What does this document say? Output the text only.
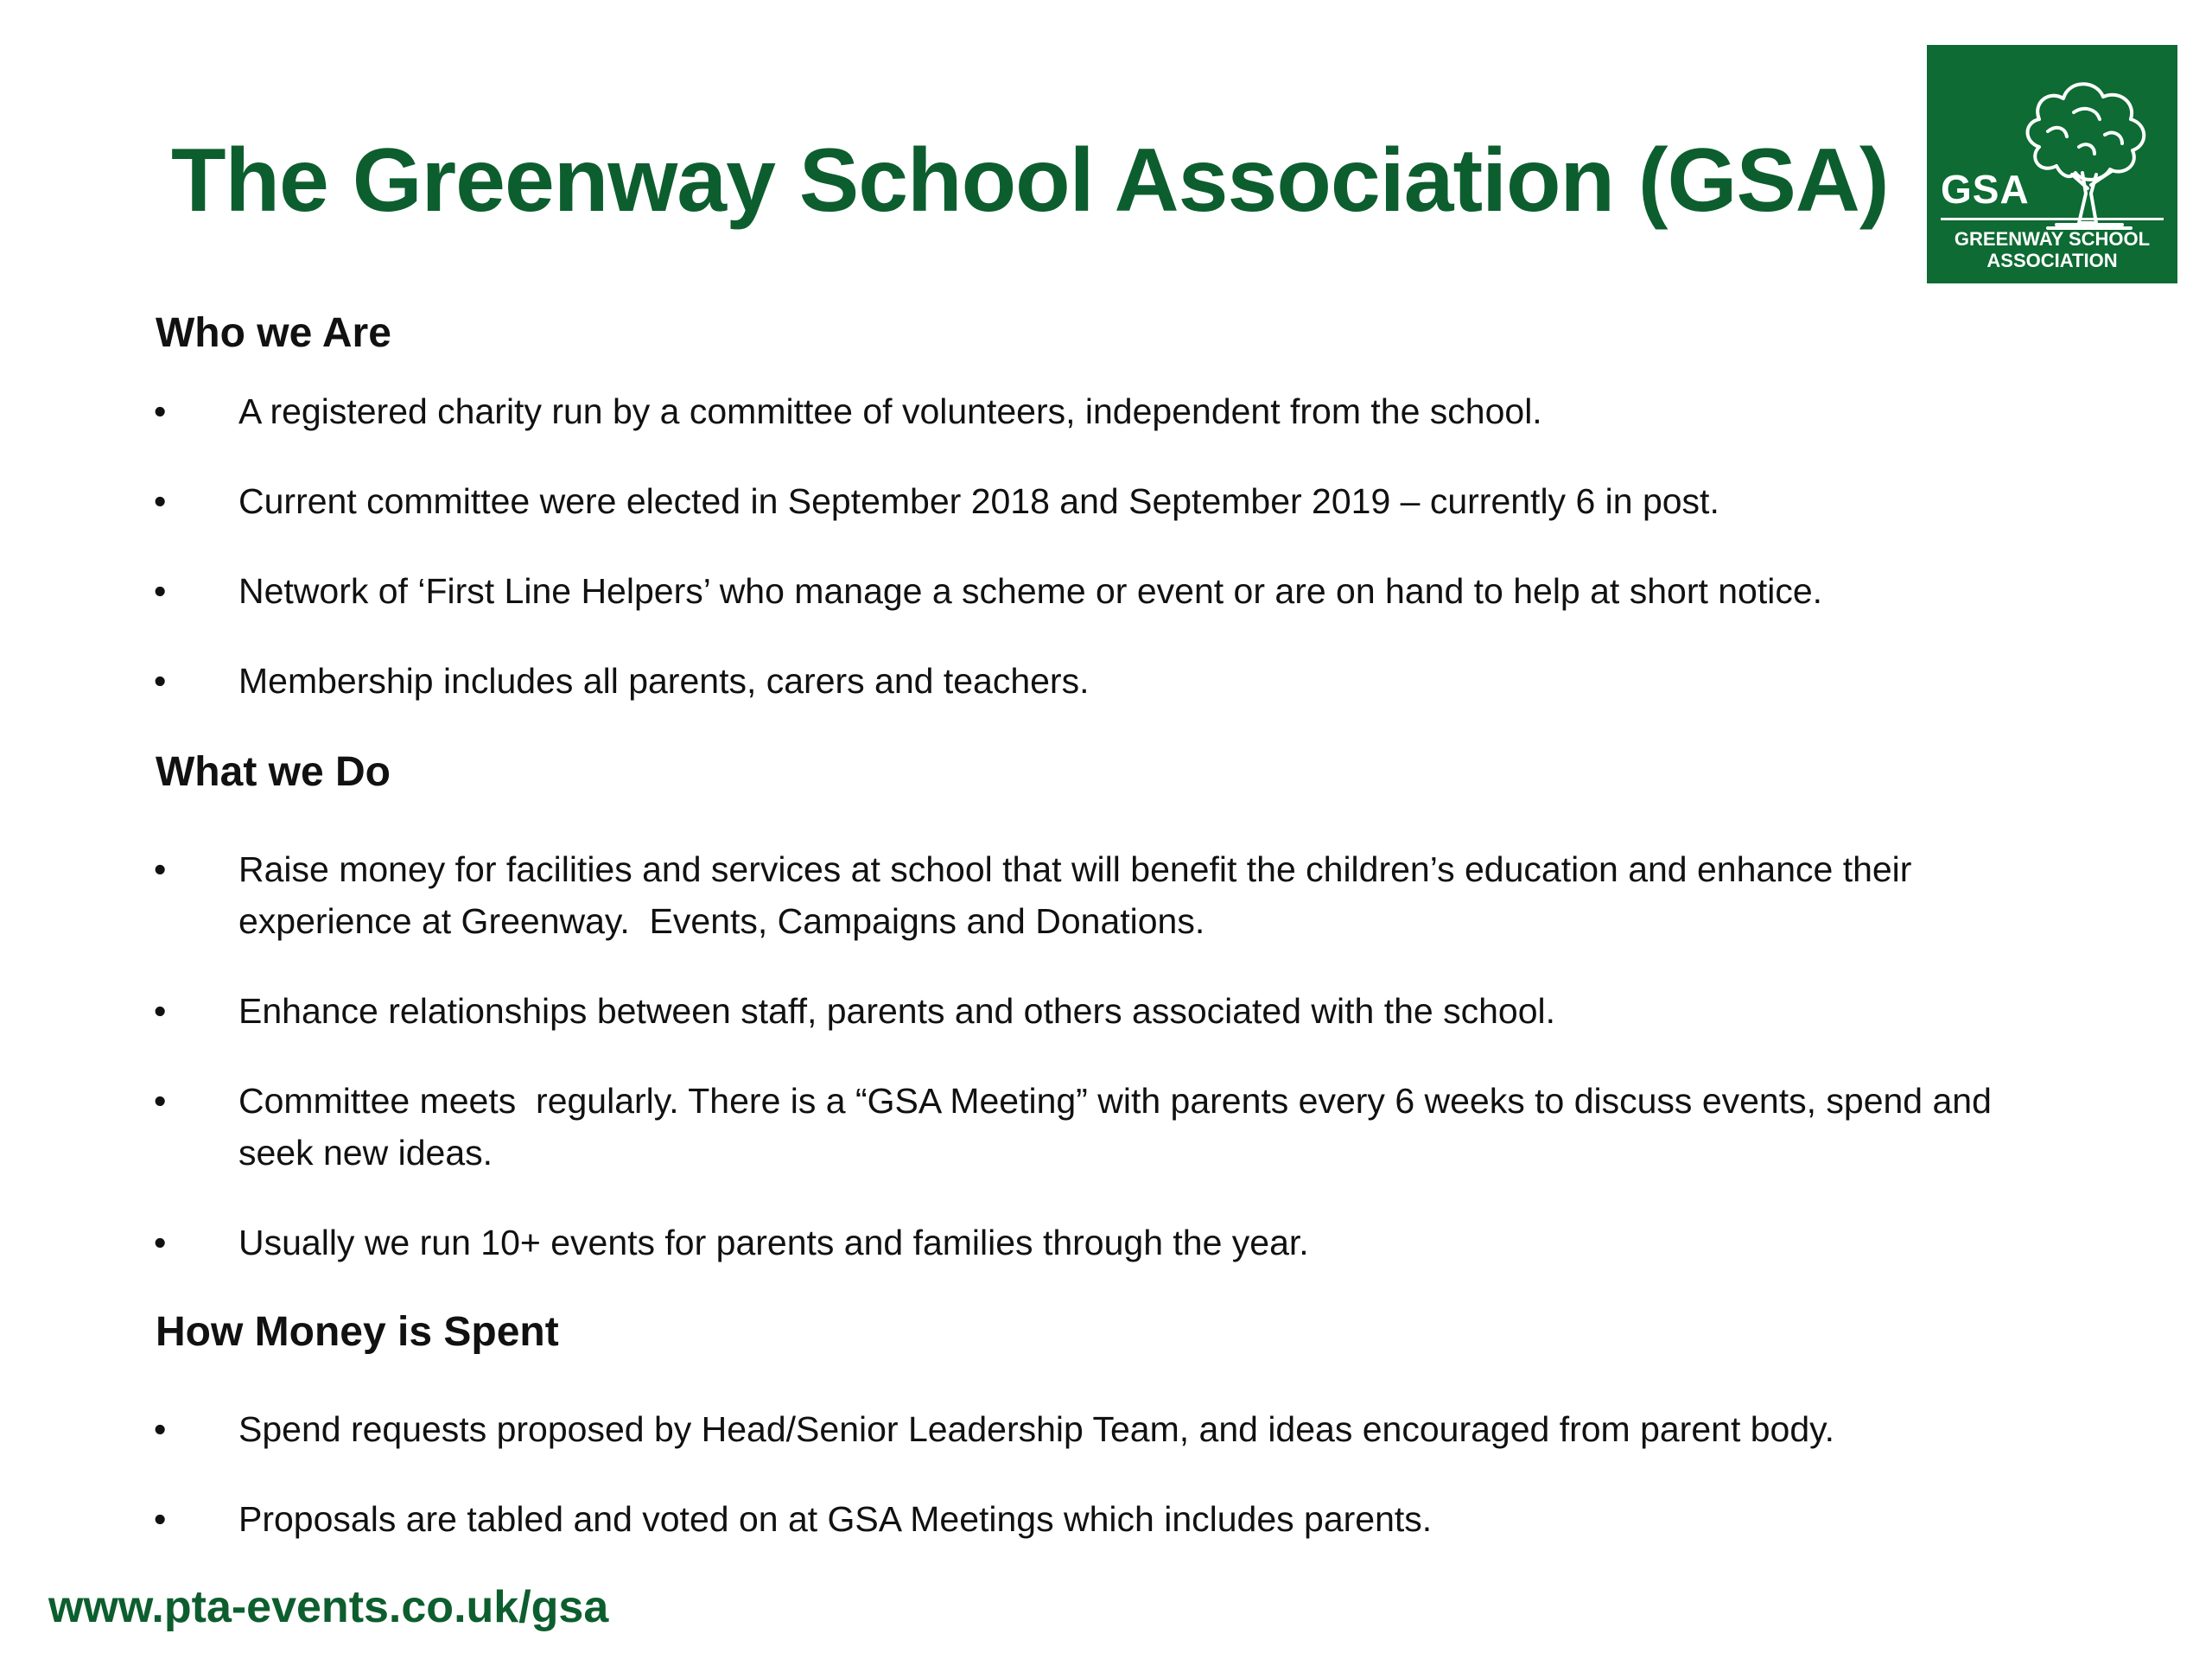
The Greenway School Association (GSA) GSA
GREENWAY SCHOOL
ASSOCIATION
Who we Are
•	A registered charity run by a committee of volunteers, independent from the school.
•	Current committee were elected in September 2018 and September 2019 – currently 6 in post.
•	Network of ‘First Line Helpers’ who manage a scheme or event or are on hand to help at short notice.
•	Membership includes all parents, carers and teachers.
What we Do
•	Raise money for facilities and services at school that will benefit the children’s education and enhance their experience at Greenway.  Events, Campaigns and Donations.
•	Enhance relationships between staff, parents and others associated with the school.
•	Committee meets  regularly. There is a “GSA Meeting” with parents every 6 weeks to discuss events, spend and seek new ideas.
•	Usually we run 10+ events for parents and families through the year.
How Money is Spent
•	Spend requests proposed by Head/Senior Leadership Team, and ideas encouraged from parent body.
•	Proposals are tabled and voted on at GSA Meetings which includes parents.
www.pta-events.co.uk/gsa
